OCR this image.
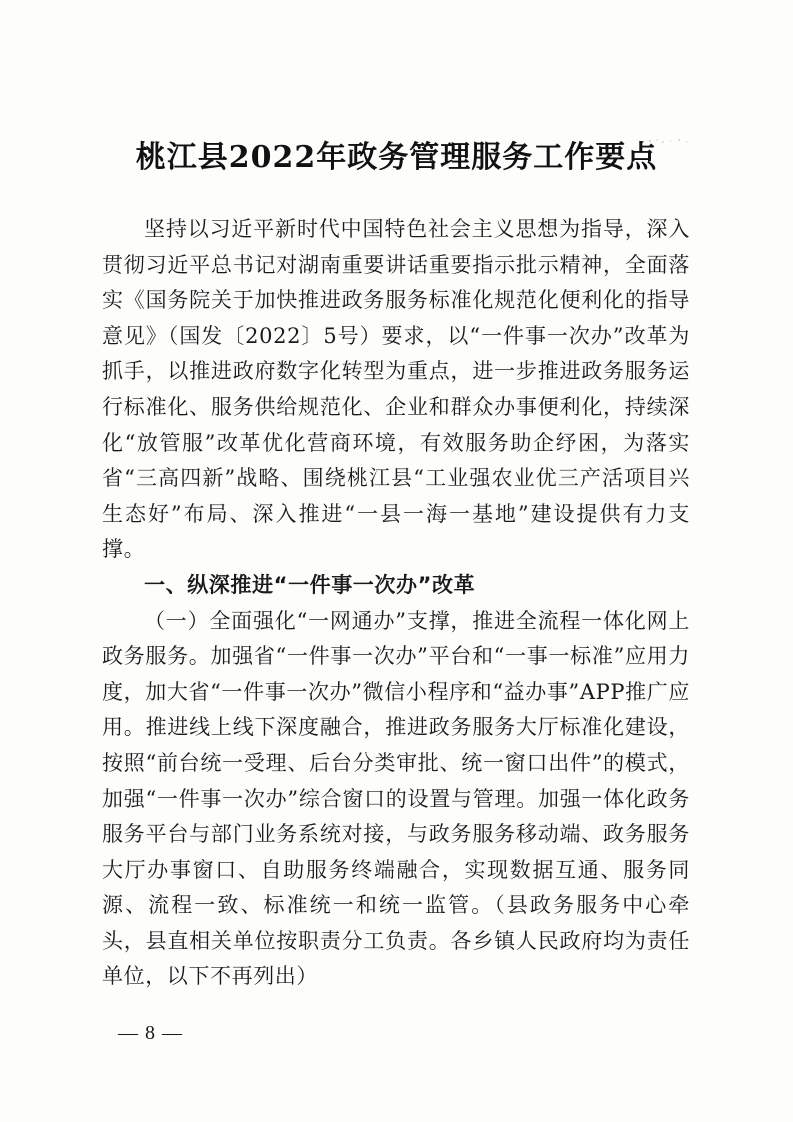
桃江县2022年政务管理服务工作要点

坚持以习近平新时代中国特色社会主义思想为指导，深入贯彻习近平总书记对湖南重要讲话重要指示批示精神，全面落实《国务院关于加快推进政务服务标准化规范化便利化的指导意见》（国发〔2022〕5号）要求，以“一件事一次办”改革为抓手，以推进政府数字化转型为重点，进一步推进政务服务运行标准化、服务供给规范化、企业和群众办事便利化，持续深化“放管服”改革优化营商环境，有效服务助企纾困，为落实省“三高四新”战略、围绕桃江县“工业强农业优三产活项目兴生态好”布局、深入推进“一县一海一基地”建设提供有力支撑。

一、纵深推进“一件事一次办”改革

（一）全面强化“一网通办”支撑，推进全流程一体化网上政务服务。加强省“一件事一次办”平台和“一事一标准”应用力度，加大省“一件事一次办”微信小程序和“益办事”APP推广应用。推进线上线下深度融合，推进政务服务大厅标准化建设，按照“前台统一受理、后台分类审批、统一窗口出件”的模式，加强“一件事一次办”综合窗口的设置与管理。加强一体化政务服务平台与部门业务系统对接，与政务服务移动端、政务服务大厅办事窗口、自助服务终端融合，实现数据互通、服务同源、流程一致、标准统一和统一监管。（县政务服务中心牵头，县直相关单位按职责分工负责。各乡镇人民政府均为责任单位，以下不再列出）

— 8 —
